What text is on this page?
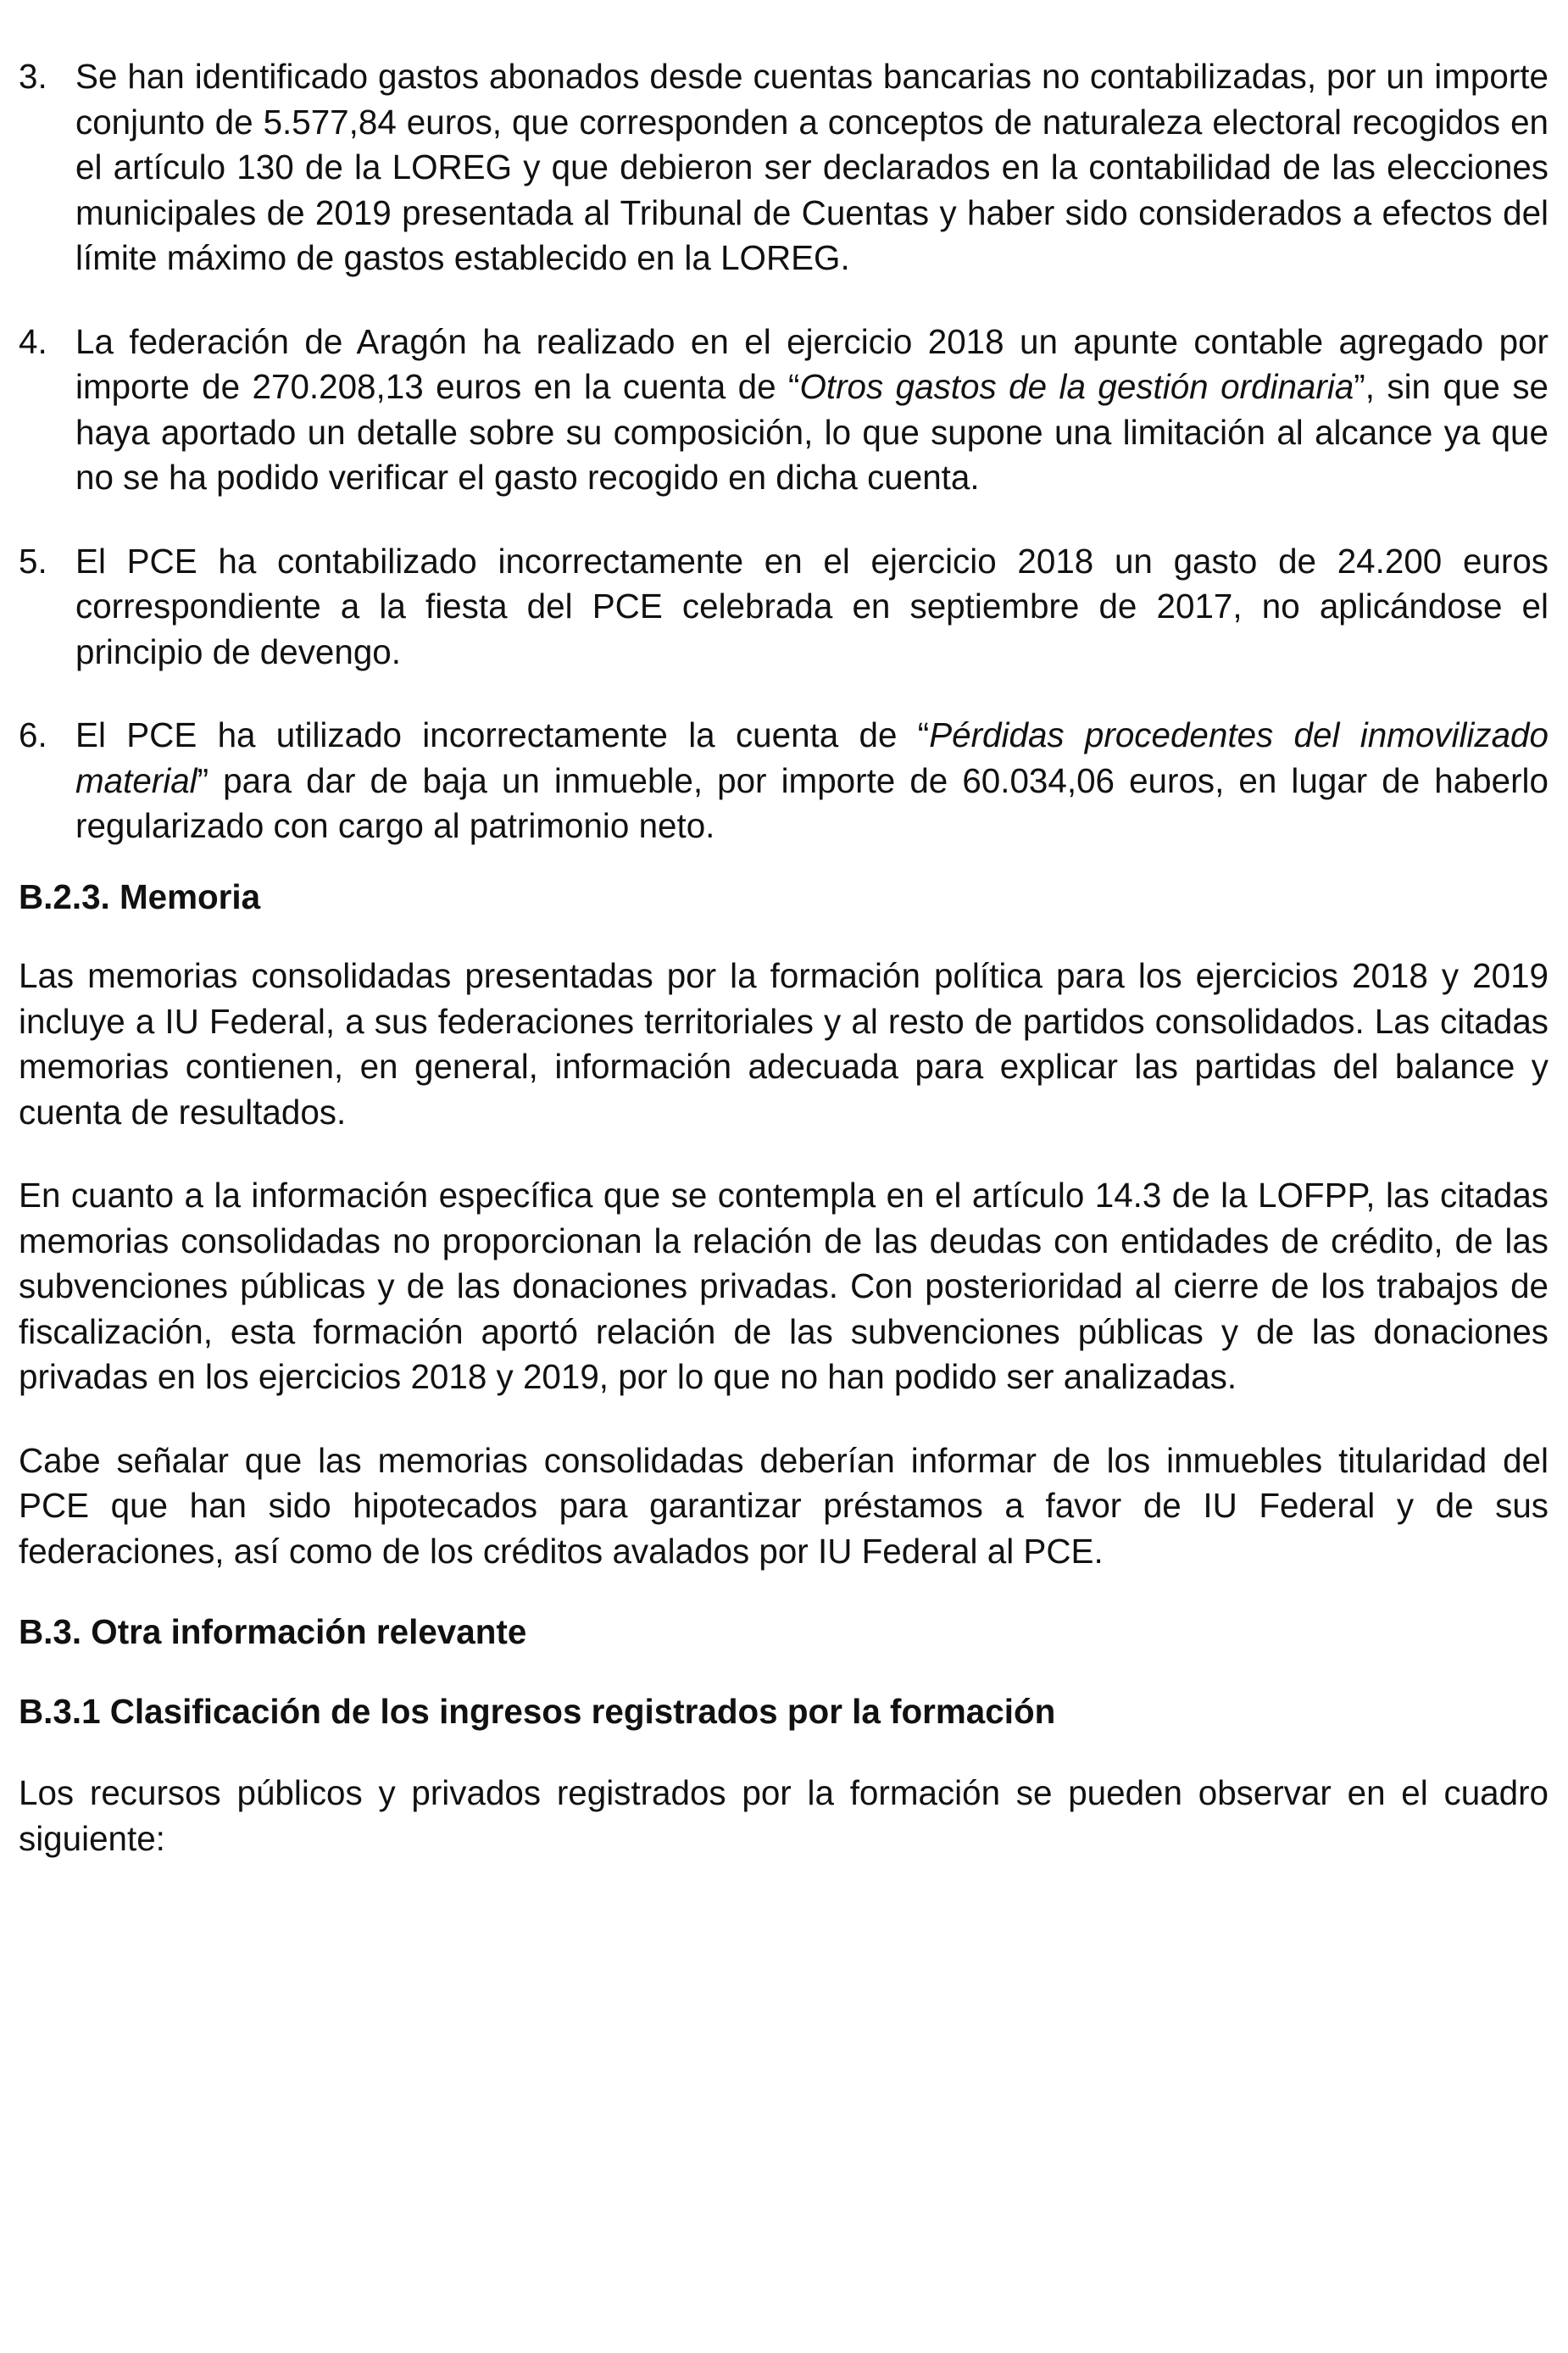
3. Se han identificado gastos abonados desde cuentas bancarias no contabilizadas, por un importe conjunto de 5.577,84 euros, que corresponden a conceptos de naturaleza electoral recogidos en el artículo 130 de la LOREG y que debieron ser declarados en la contabilidad de las elecciones municipales de 2019 presentada al Tribunal de Cuentas y haber sido considerados a efectos del límite máximo de gastos establecido en la LOREG.
4. La federación de Aragón ha realizado en el ejercicio 2018 un apunte contable agregado por importe de 270.208,13 euros en la cuenta de “Otros gastos de la gestión ordinaria”, sin que se haya aportado un detalle sobre su composición, lo que supone una limitación al alcance ya que no se ha podido verificar el gasto recogido en dicha cuenta.
5. El PCE ha contabilizado incorrectamente en el ejercicio 2018 un gasto de 24.200 euros correspondiente a la fiesta del PCE celebrada en septiembre de 2017, no aplicándose el principio de devengo.
6. El PCE ha utilizado incorrectamente la cuenta de “Pérdidas procedentes del inmovilizado material” para dar de baja un inmueble, por importe de 60.034,06 euros, en lugar de haberlo regularizado con cargo al patrimonio neto.
B.2.3. Memoria

Las memorias consolidadas presentadas por la formación política para los ejercicios 2018 y 2019 incluye a IU Federal, a sus federaciones territoriales y al resto de partidos consolidados. Las citadas memorias contienen, en general, información adecuada para explicar las partidas del balance y cuenta de resultados.

En cuanto a la información específica que se contempla en el artículo 14.3 de la LOFPP, las citadas memorias consolidadas no proporcionan la relación de las deudas con entidades de crédito, de las subvenciones públicas y de las donaciones privadas. Con posterioridad al cierre de los trabajos de fiscalización, esta formación aportó relación de las subvenciones públicas y de las donaciones privadas en los ejercicios 2018 y 2019, por lo que no han podido ser analizadas.

Cabe señalar que las memorias consolidadas deberían informar de los inmuebles titularidad del PCE que han sido hipotecados para garantizar préstamos a favor de IU Federal y de sus federaciones, así como de los créditos avalados por IU Federal al PCE.

B.3. Otra información relevante
B.3.1 Clasificación de los ingresos registrados por la formación

Los recursos públicos y privados registrados por la formación se pueden observar en el cuadro siguiente:
